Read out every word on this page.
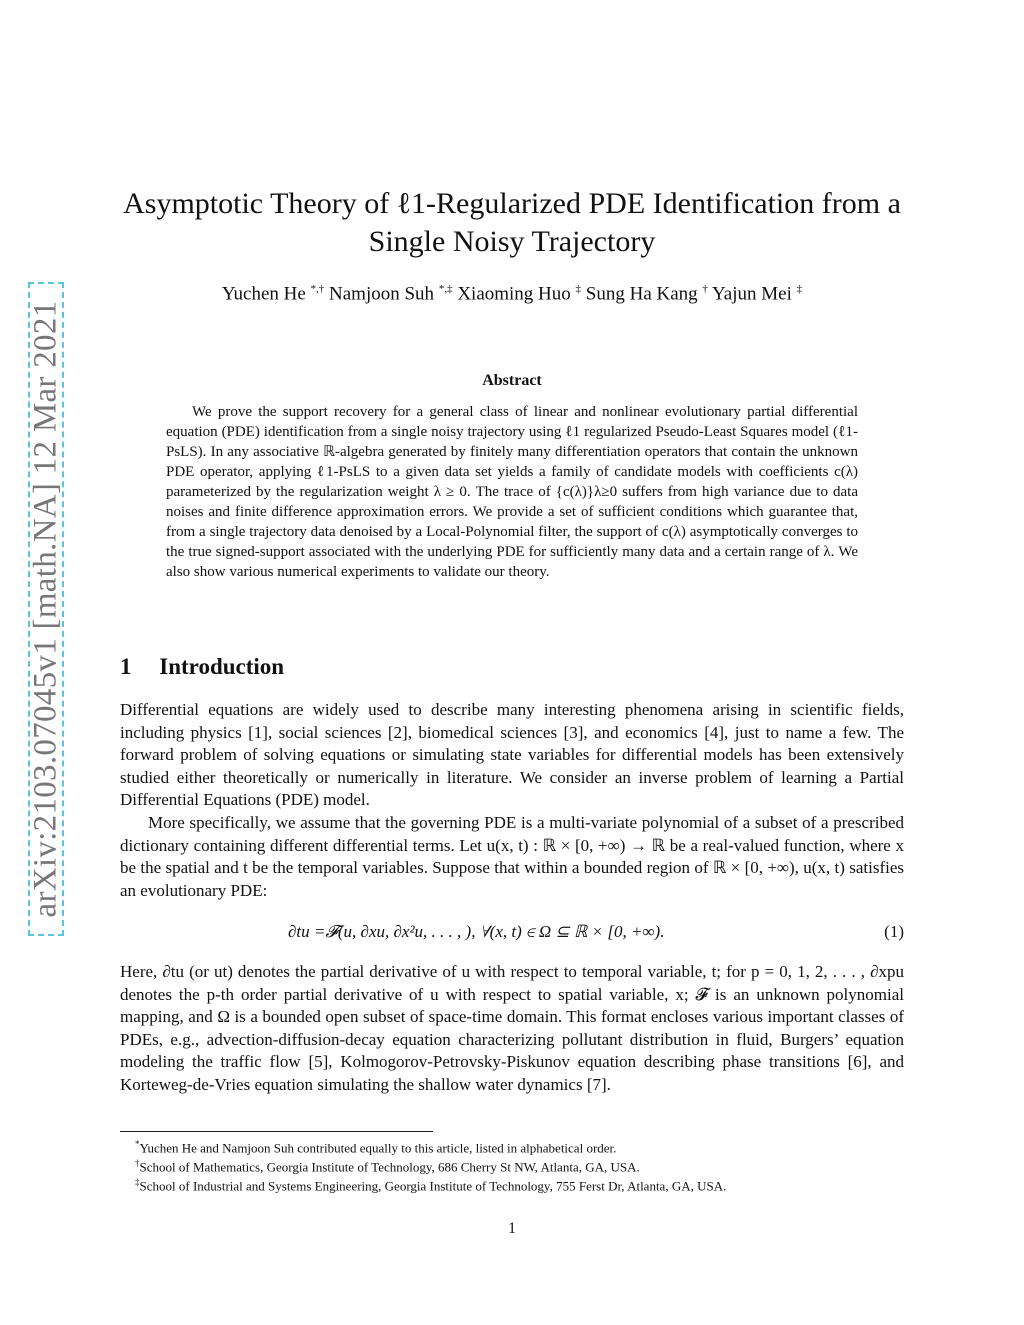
arXiv:2103.07045v1 [math.NA] 12 Mar 2021
Asymptotic Theory of ℓ1-Regularized PDE Identification from a
Single Noisy Trajectory
Yuchen He *,† Namjoon Suh *,‡ Xiaoming Huo ‡ Sung Ha Kang † Yajun Mei ‡
Abstract

We prove the support recovery for a general class of linear and nonlinear evolutionary partial differential equation (PDE) identification from a single noisy trajectory using ℓ1 regularized Pseudo-Least Squares model (ℓ1-PsLS). In any associative ℝ-algebra generated by finitely many differentiation operators that contain the unknown PDE operator, applying ℓ1-PsLS to a given data set yields a family of candidate models with coefficients c(λ) parameterized by the regularization weight λ ≥ 0. The trace of {c(λ)}λ≥0 suffers from high variance due to data noises and finite difference approximation errors. We provide a set of sufficient conditions which guarantee that, from a single trajectory data denoised by a Local-Polynomial filter, the support of c(λ) asymptotically converges to the true signed-support associated with the underlying PDE for sufficiently many data and a certain range of λ. We also show various numerical experiments to validate our theory.

1 Introduction

Differential equations are widely used to describe many interesting phenomena arising in scientific fields, including physics [1], social sciences [2], biomedical sciences [3], and economics [4], just to name a few. The forward problem of solving equations or simulating state variables for differential models has been extensively studied either theoretically or numerically in literature. We consider an inverse problem of learning a Partial Differential Equations (PDE) model.

More specifically, we assume that the governing PDE is a multi-variate polynomial of a subset of a prescribed dictionary containing different differential terms. Let u(x, t) : ℝ × [0, +∞) → ℝ be a real-valued function, where x be the spatial and t be the temporal variables. Suppose that within a bounded region of ℝ × [0, +∞), u(x, t) satisfies an evolutionary PDE:

∂tu =𝓕(u, ∂xu, ∂x²u, . . . , ), ∀(x, t) ∈ Ω ⊆ ℝ × [0, +∞).	(1)

Here, ∂tu (or ut) denotes the partial derivative of u with respect to temporal variable, t; for p = 0, 1, 2, . . . , ∂xpu denotes the p-th order partial derivative of u with respect to spatial variable, x; 𝓕 is an unknown polynomial mapping, and Ω is a bounded open subset of space-time domain. This format encloses various important classes of PDEs, e.g., advection-diffusion-decay equation characterizing pollutant distribution in fluid, Burgers’ equation modeling the traffic flow [5], Kolmogorov-Petrovsky-Piskunov equation describing phase transitions [6], and Korteweg-de-Vries equation simulating the shallow water dynamics [7].

*Yuchen He and Namjoon Suh contributed equally to this article, listed in alphabetical order.
†School of Mathematics, Georgia Institute of Technology, 686 Cherry St NW, Atlanta, GA, USA.
‡School of Industrial and Systems Engineering, Georgia Institute of Technology, 755 Ferst Dr, Atlanta, GA, USA.
1
